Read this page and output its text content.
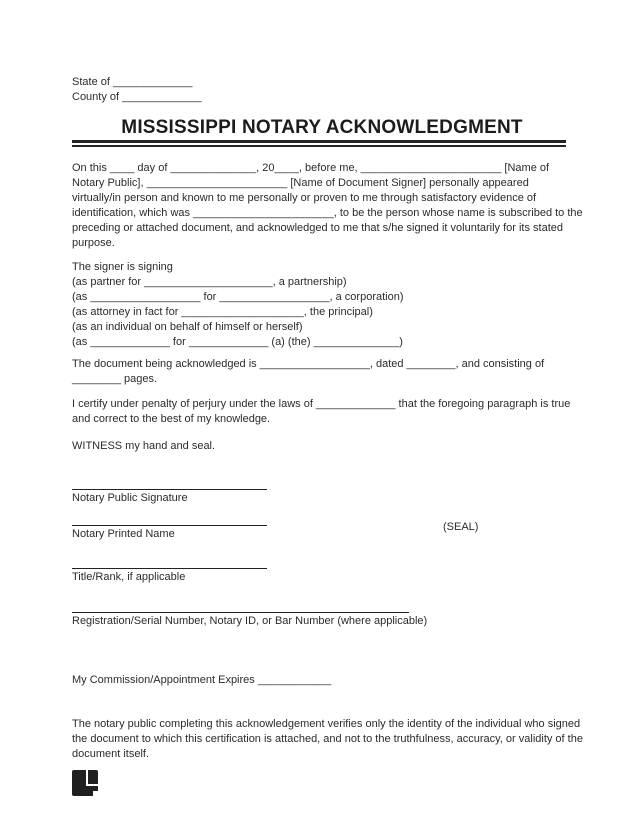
State of _____________
County of _____________
MISSISSIPPI NOTARY ACKNOWLEDGMENT
On this ____ day of ______________, 20____, before me, _______________________ [Name of
Notary Public], _______________________ [Name of Document Signer] personally appeared
virtually/in person and known to me personally or proven to me through satisfactory evidence of
identification, which was _______________________, to be the person whose name is subscribed to the
preceding or attached document, and acknowledged to me that s/he signed it voluntarily for its stated
purpose.
The signer is signing
(as partner for _____________________, a partnership)
(as __________________ for __________________, a corporation)
(as attorney in fact for ____________________, the principal)
(as an individual on behalf of himself or herself)
(as _____________ for _____________ (a) (the) ______________)
The document being acknowledged is __________________, dated ________, and consisting of
________ pages.
I certify under penalty of perjury under the laws of _____________ that the foregoing paragraph is true
and correct to the best of my knowledge.
WITNESS my hand and seal.
Notary Public Signature
Notary Printed Name
(SEAL)
Title/Rank, if applicable
Registration/Serial Number, Notary ID, or Bar Number (where applicable)
My Commission/Appointment Expires ____________
The notary public completing this acknowledgement verifies only the identity of the individual who signed
the document to which this certification is attached, and not to the truthfulness, accuracy, or validity of the
document itself.
